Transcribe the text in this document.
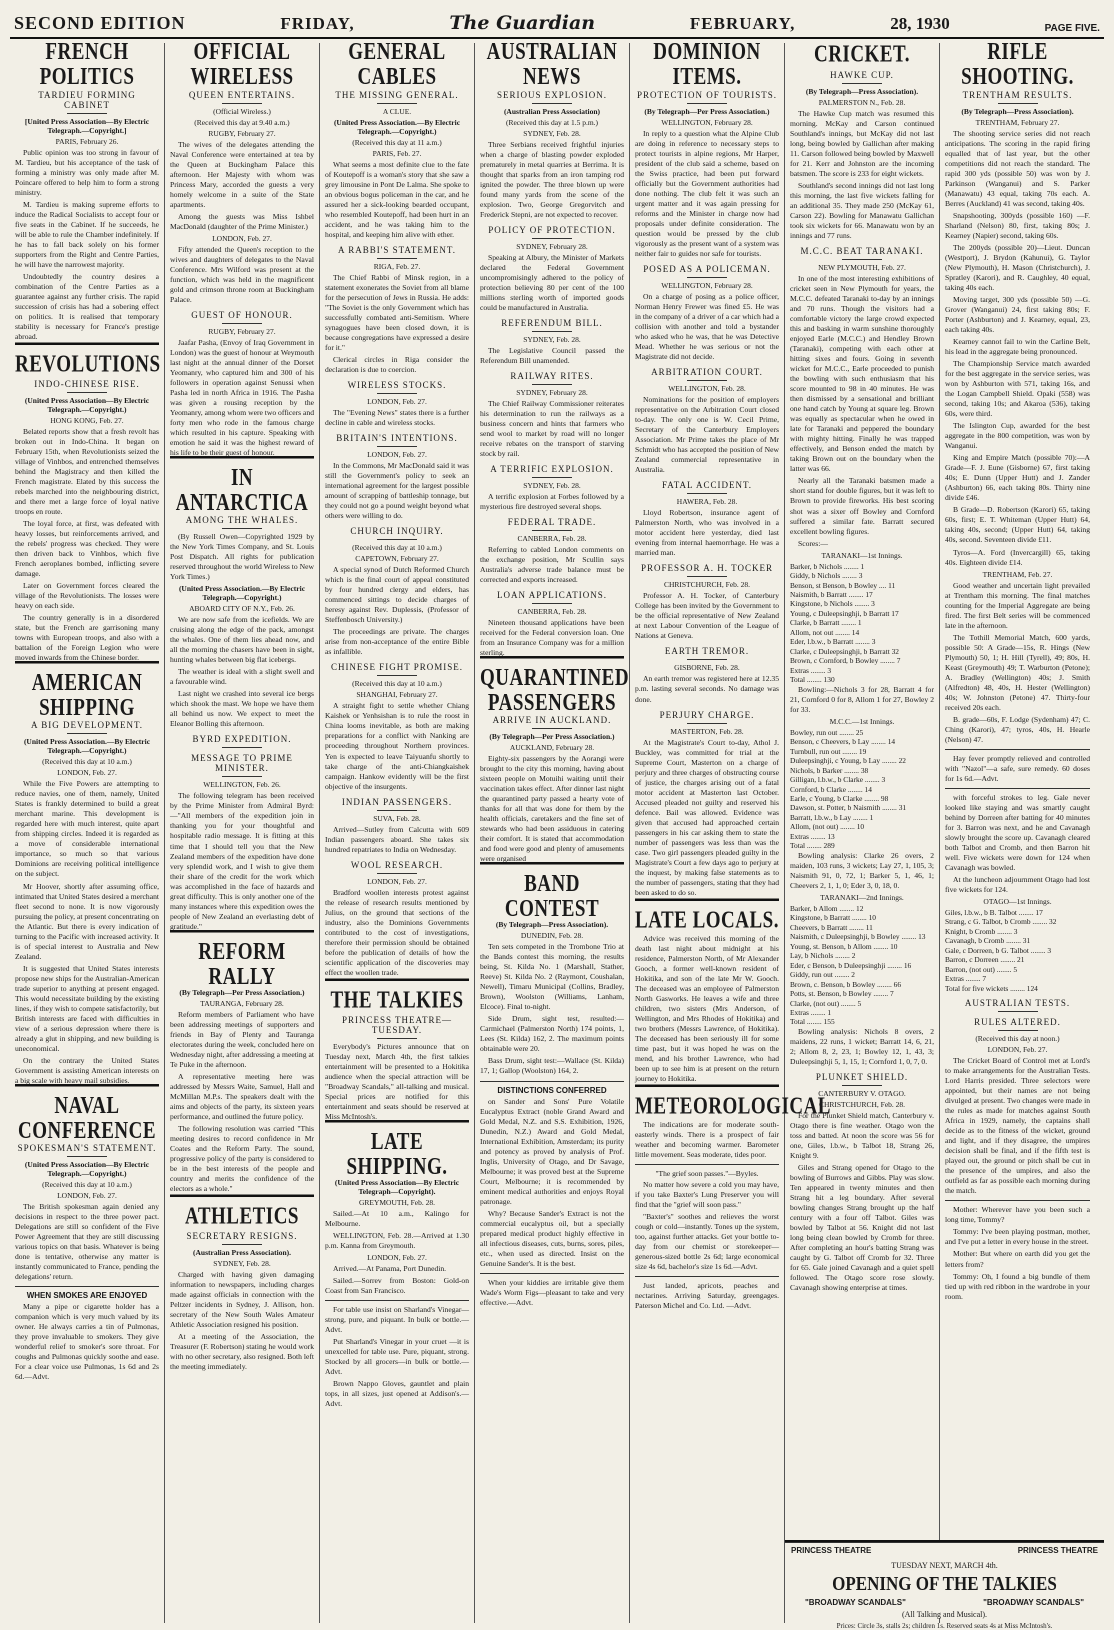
SECOND EDITION	FRIDAY,	The Guardian	FEBRUARY,	28, 1930	PAGE FIVE.
FRENCH POLITICS
TARDIEU FORMING CABINET
[United Press Association—By Electric Telegraph.—Copyright.]
PARIS, February 26.

Public opinion was too strong in favour of M. Tardieu, but his acceptance of the task of forming a ministry was only made after M. Poincare offered to help him to form a strong ministry.

M. Tardieu is making supreme efforts to induce the Radical Socialists to accept four or five seats in the Cabinet. If he succeeds, he will be able to rule the Chamber indefinitely. If he has to fall back solely on his former supporters from the Right and Centre Parties, he will have the narrowest majority.

Undoubtedly the country desires a combination of the Centre Parties as a guarantee against any further crisis. The rapid succession of crisis has had a sobering effect on politics. It is realised that temporary stability is necessary for France's prestige abroad.

REVOLUTIONS
INDO-CHINESE RISE.
(United Press Association—By Electric Telegraph.—Copyright.)
HONG KONG, Feb. 27.

Belated reports show that a fresh revolt has broken out in Indo-China. It began on February 15th, when Revolutionists seized the village of Vinhbos, and entrenched themselves behind the Magistracy and then killed the French magistrate. Elated by this success the rebels marched into the neighbouring district, and there met a large force of loyal native troops en route.

The loyal force, at first, was defeated with heavy losses, but reinforcements arrived, and the rebels' progress was checked. They were then driven back to Vinhbos, which five French aeroplanes bombed, inflicting severe damage.

Later on Government forces cleared the village of the Revolutionists. The losses were heavy on each side.

The country generally is in a disordered state, but the French are garrisoning many towns with European troops, and also with a battalion of the Foreign Legion who were moved inwards from the Chinese border.

AMERICAN SHIPPING
A BIG DEVELOPMENT.
(United Press Association.—By Electric Telegraph.—Copyright.)
(Received this day at 10 a.m.)
LONDON, Feb. 27.

While the Five Powers are attempting to reduce navies, one of them, namely, United States is frankly determined to build a great merchant marine. This development is regarded here with much interest, quite apart from shipping circles. Indeed it is regarded as a move of considerable international importance, so much so that various Dominions are receiving political intelligence on the subject.

Mr Hoover, shortly after assuming office, intimated that United States desired a merchant fleet second to none. It is now vigorously pursuing the policy, at present concentrating on the Atlantic. But there is every indication of turning to the Pacific with increased activity. It is of special interest to Australia and New Zealand.

It is suggested that United States interests propose new ships for the Australian-American trade superior to anything at present engaged. This would necessitate building by the existing lines, if they wish to compete satisfactorily, but British interests are faced with difficulties in view of a serious depression where there is already a glut in shipping, and new building is uneconomical.

On the contrary the United States Government is assisting American interests on a big scale with heavy mail subsidies.

NAVAL CONFERENCE
SPOKESMAN'S STATEMENT.
(United Press Association—By Electric Telegraph.—Copyright.)
(Received this day at 10 a.m.)
LONDON, Feb. 27.

The British spokesman again denied any decisions in respect to the three power pact. Delegations are still so confident of the Five Power Agreement that they are still discussing various topics on that basis. Whatever is being done is tentative, otherwise any matter is instantly communicated to France, pending the delegations' return.

WHEN SMOKES ARE ENJOYED

Many a pipe or cigarette holder has a companion which is very much valued by its owner. He always carries a tin of Pulmonas, they prove invaluable to smokers. They give wonderful relief to smoker's sore throat. For coughs and Pulmonas quickly soothe and ease. For a clear voice use Pulmonas, 1s 6d and 2s 6d.—Advt.

OFFICIAL WIRELESS
QUEEN ENTERTAINS.
(Official Wireless.)
(Received this day at 9.40 a.m.)
RUGBY, February 27.

The wives of the delegates attending the Naval Conference were entertained at tea by the Queen at Buckingham Palace this afternoon. Her Majesty with whom was Princess Mary, accorded the guests a very homely welcome in a suite of the State apartments.

Among the guests was Miss Ishbel MacDonald (daughter of the Prime Minister.)

LONDON, Feb. 27.

Fifty attended the Queen's reception to the wives and daughters of delegates to the Naval Conference. Mrs Wilford was present at the function, which was held in the magnificent gold and crimson throne room at Buckingham Palace.

GUEST OF HONOUR.
RUGBY, February 27.

Jaafar Pasha, (Envoy of Iraq Government in London) was the guest of honour at Weymouth last night at the annual dinner of the Dorset Yeomanry, who captured him and 300 of his followers in operation against Senussi when Pasha led in north Africa in 1916. The Pasha was given a rousing reception by the Yeomanry, among whom were two officers and forty men who rode in the famous charge which resulted in his capture. Speaking with emotion he said it was the highest reward of his life to be their guest of honour.

IN ANTARCTICA
AMONG THE WHALES.

(By Russell Owen—Copyrighted 1929 by the New York Times Company, and St. Louis Post Dispatch. All rights for publication reserved throughout the world Wireless to New York Times.)

(United Press Association.—By Electric Telegraph.—Copyright.)
ABOARD CITY OF N.Y., Feb. 26.

We are now safe from the icefields. We are cruising along the edge of the pack, amongst the whales. One of them lies ahead now, and all the morning the chasers have been in sight, hunting whales between big flat icebergs.

The weather is ideal with a slight swell and a favourable wind.

Last night we crashed into several ice bergs which shook the mast. We hope we have them all behind us now. We expect to meet the Eleanor Bolling this afternoon.

BYRD EXPEDITION.
MESSAGE TO PRIME MINISTER.
WELLINGTON, Feb. 26.

The following telegram has been received by the Prime Minister from Admiral Byrd:—"All members of the expedition join in thanking you for your thoughtful and hospitable radio message. It is fitting at this time that I should tell you that the New Zealand members of the expedition have done very splendid work, and I wish to give them their share of the credit for the work which was accomplished in the face of hazards and great difficulty. This is only another one of the many instances where this expedition owes the people of New Zealand an everlasting debt of gratitude."

REFORM RALLY
(By Telegraph—Per Press Association.)
TAURANGA, February 28.

Reform members of Parliament who have been addressing meetings of supporters and friends in Bay of Plenty and Tauranga electorates during the week, concluded here on Wednesday night, after addressing a meeting at Te Puke in the afternoon.

A representative meeting here was addressed by Messrs Waite, Samuel, Hall and McMillan M.P.s. The speakers dealt with the aims and objects of the party, its sixteen years performance, and outlined the future policy.

The following resolution was carried "This meeting desires to record confidence in Mr Coates and the Reform Party. The sound, progressive policy of the party is considered to be in the best interests of the people and country and merits the confidence of the electors as a whole."

ATHLETICS
SECRETARY RESIGNS.
(Australian Press Association).
SYDNEY, Feb. 28.

Charged with having given damaging information to newspapers, including charges made against officials in connection with the Peltzer incidents in Sydney, J. Allison, hon. secretary of the New South Wales Amateur Athletic Association resigned his position.

At a meeting of the Association, the Treasurer (F. Robertson) stating he would work with no other secretary, also resigned. Both left the meeting immediately.

GENERAL CABLES
THE MISSING GENERAL.
A CLUE.
(United Press Association.—By Electric Telegraph.—Copyright.)
(Received this day at 11 a.m.)
PARIS, Feb. 27.

What seems a most definite clue to the fate of Koutepoff is a woman's story that she saw a grey limousine in Pont De Lalma. She spoke to an obvious bogus policeman in the car, and he assured her a sick-looking bearded occupant, who resembled Koutepoff, had been hurt in an accident, and he was taking him to the hospital, and keeping him alive with ether.

A RABBI'S STATEMENT.
RIGA, Feb. 27.

The Chief Rabbi of Minsk region, in a statement exonerates the Soviet from all blame for the persecution of Jews in Russia. He adds: "The Soviet is the only Government which has successfully combated anti-Semitism. Where synagogues have been closed down, it is because congregations have expressed a desire for it."

Clerical circles in Riga consider the declaration is due to coercion.

WIRELESS STOCKS.
LONDON, Feb. 27.

The "Evening News" states there is a further decline in cable and wireless stocks.

BRITAIN'S INTENTIONS.
LONDON, Feb. 27.

In the Commons, Mr MacDonald said it was still the Government's policy to seek an international agreement for the largest possible amount of scrapping of battleship tonnage, but they could not go a pound weight beyond what others were willing to do.

CHURCH INQUIRY.
(Received this day at 10 a.m.)
CAPETOWN, February 27.

A special synod of Dutch Reformed Church which is the final court of appeal constituted by four hundred clergy and elders, has commenced sittings to decide charges of heresy against Rev. Duplessis, (Professor of Steffenbosch University.)

The proceedings are private. The charges arise from non-acceptance of the entire Bible as infallible.

CHINESE FIGHT PROMISE.
(Received this day at 10 a.m.)
SHANGHAI, February 27.

A straight fight to settle whether Chiang Kaishek or Yenhsishan is to rule the roost in China looms inevitable, as both are making preparations for a conflict with Nanking are proceeding throughout Northern provinces. Yen is expected to leave Taiyuanfu shortly to take charge of the anti-Chiangkaishek campaign. Hankow evidently will be the first objective of the insurgents.

INDIAN PASSENGERS.
SUVA, Feb. 28.

Arrived—Sutley from Calcutta with 609 Indian passengers aboard. She takes six hundred repatriates to India on Wednesday.

WOOL RESEARCH.
LONDON, Feb. 27.

Bradford woollen interests protest against the release of research results mentioned by Julius, on the ground that sections of the industry, also the Dominions Governments contributed to the cost of investigations, therefore their permission should be obtained before the publication of details of how the scientific application of the discoveries may effect the woollen trade.

THE TALKIES
PRINCESS THEATRE—TUESDAY.

Everybody's Pictures announce that on Tuesday next, March 4th, the first talkies entertainment will be presented to a Hokitika audience when the special attraction will be "Broadway Scandals," all-talking and musical. Special prices are notified for this entertainment and seats should be reserved at Miss McIntosh's.

LATE SHIPPING.
(United Press Association—By Electric Telegraph—Copyright).
GREYMOUTH, Feb. 28.

Sailed.—At 10 a.m., Kalingo for Melbourne.

WELLINGTON, Feb. 28.—Arrived at 1.30 p.m. Kanna from Greymouth.

LONDON, Feb. 27.

Arrived.—At Panama, Port Dunedin.

Sailed.—Sorrev from Boston: Gold-on Coast from San Francisco.

For table use insist on Sharland's Vinegar—strong, pure, and piquant. In bulk or bottle.—Advt.

Put Sharland's Vinegar in your cruet —it is unexcelled for table use. Pure, piquant, strong. Stocked by all grocers—in bulk or bottle.—Advt.

Brown Nappo Gloves, gauntlet and plain tops, in all sizes, just opened at Addison's.—Advt.

AUSTRALIAN NEWS
SERIOUS EXPLOSION.
(Australian Press Association)
(Received this day at 1.5 p.m.)
SYDNEY, Feb. 28.

Three Serbians received frightful injuries when a charge of blasting powder exploded prematurely in metal quarries at Berrima. It is thought that sparks from an iron tamping rod ignited the powder. The three blown up were found many yards from the scene of the explosion. Two, George Gregorvitch and Frederick Stepni, are not expected to recover.

POLICY OF PROTECTION.
SYDNEY, February 28.

Speaking at Albury, the Minister of Markets declared the Federal Government uncompromisingly adhered to the policy of protection believing 80 per cent of the 100 millions sterling worth of imported goods could be manufactured in Australia.

REFERENDUM BILL.
SYDNEY, Feb. 28.

The Legislative Council passed the Referendum Bill unamended.

RAILWAY RITES.
SYDNEY, February 28.

The Chief Railway Commissioner reiterates his determination to run the railways as a business concern and hints that farmers who send wool to market by road will no longer receive rebates on the transport of starving stock by rail.

A TERRIFIC EXPLOSION.
SYDNEY, Feb. 28.

A terrific explosion at Forbes followed by a mysterious fire destroyed several shops.

FEDERAL TRADE.
CANBERRA, Feb. 28.

Referring to cabled London comments on the exchange position, Mr Scullin says Australia's adverse trade balance must be corrected and exports increased.

LOAN APPLICATIONS.
CANBERRA, Feb. 28.

Nineteen thousand applications have been received for the Federal conversion loan. One from an Insurance Company was for a million sterling.

QUARANTINED PASSENGERS
ARRIVE IN AUCKLAND.
(By Telegraph—Per Press Association.)
AUCKLAND, February 28.

Eighty-six passengers by the Aorangi were brought to the city this morning, having about sixteen people on Motuihi waiting until their vaccination takes effect. After dinner last night the quarantined party passed a hearty vote of thanks for all that was done for them by the health officials, caretakers and the fine set of stewards who had been assiduous in catering their comfort. It is stated that accommodation and food were good and plenty of amusements were organised

BAND CONTEST
(By Telegraph—Press Association).
DUNEDIN, Feb. 28.

Ten sets competed in the Trombone Trio at the Bands contest this morning, the results being, St. Kilda No. 1 (Marshall, Stather, Reeve) St. Kilda No. 2 (Raymont, Coushalan, Newell), Timaru Municipal (Collins, Bradley, Brown), Woolston (Williams, Lanham, Elcoce). Final to-night.

Side Drum, sight test, resulted:—Carmichael (Palmerston North) 174 points, 1, Lees (St. Kilda) 162, 2. The maximum points obtainable were 20.

Bass Drum, sight test:—Wallace (St. Kilda) 17, 1; Gallop (Woolston) 164, 2.

DISTINCTIONS CONFERRED

on Sander and Sons' Pure Volatile Eucalyptus Extract (noble Grand Award and Gold Medal, N.Z. and S.S. Exhibition, 1926, Dunedin, N.Z.) Award and Gold Medal, International Exhibition, Amsterdam; its purity and potency as proved by analysis of Prof. Inglis, University of Otago, and Dr Savage, Melbourne; it was proved best at the Supreme Court, Melbourne; it is recommended by eminent medical authorities and enjoys Royal patronage.

Why? Because Sander's Extract is not the commercial eucalyptus oil, but a specially prepared medical product highly effective in all infectious diseases, cuts, burns, sores, piles, etc., when used as directed. Insist on the Genuine Sander's. It is the best.

When your kiddies are irritable give them Wade's Worm Figs—pleasant to take and very effective.—Advt.

DOMINION ITEMS.
PROTECTION OF TOURISTS.
(By Telegraph—Per Press Association.)
WELLINGTON, February 28.

In reply to a question what the Alpine Club are doing in reference to necessary steps to protect tourists in alpine regions, Mr Harper, president of the club said a scheme, based on the Swiss practice, had been put forward officially but the Government authorities had done nothing. The club felt it was such an urgent matter and it was again pressing for reforms and the Minister in charge now had proposals under definite consideration. The question would be pressed by the club vigorously as the present want of a system was neither fair to guides nor safe for tourists.

POSED AS A POLICEMAN.
WELLINGTON, February 28.

On a charge of posing as a police officer, Norman Henry Frewer was fined £5. He was in the company of a driver of a car which had a collision with another and told a bystander who asked who he was, that he was Detective Mead. Whether he was serious or not the Magistrate did not decide.

ARBITRATION COURT.
WELLINGTON, Feb. 28.

Nominations for the position of employers representative on the Arbitration Court closed to-day. The only one is W. Cecil Prime, Secretary of the Canterbury Employers Association. Mr Prime takes the place of Mr Schmidt who has accepted the position of New Zealand commercial representative in Australia.

FATAL ACCIDENT.
HAWERA, Feb. 28.

Lloyd Robertson, insurance agent of Palmerston North, who was involved in a motor accident here yesterday, died last evening from internal haemorrhage. He was a married man.

PROFESSOR A. H. TOCKER
CHRISTCHURCH, Feb. 28.

Professor A. H. Tocker, of Canterbury College has been invited by the Government to be the official representative of New Zealand at next Labour Convention of the League of Nations at Geneva.

EARTH TREMOR.
GISBORNE, Feb. 28.

An earth tremor was registered here at 12.35 p.m. lasting several seconds. No damage was done.

PERJURY CHARGE.
MASTERTON, Feb. 28.

At the Magistrate's Court to-day, Athol J. Buckley, was committed for trial at the Supreme Court, Masterton on a charge of perjury and three charges of obstructing course of justice, the charges arising out of a fatal motor accident at Masterton last October. Accused pleaded not guilty and reserved his defence. Bail was allowed. Evidence was given that accused had approached certain passengers in his car asking them to state the number of passengers was less than was the case. Two girl passengers pleaded guilty in the Magistrate's Court a few days ago to perjury at the inquest, by making false statements as to the number of passengers, stating that they had been asked to do so.

LATE LOCALS.

Advice was received this morning of the death last night about midnight at his residence, Palmerston North, of Mr Alexander Gooch, a former well-known resident of Hokitika, and son of the late Mr W. Gooch. The deceased was an employee of Palmerston North Gasworks. He leaves a wife and three children, two sisters (Mrs Anderson, of Wellington, and Mrs Rhodes of Hokitika) and two brothers (Messrs Lawrence, of Hokitika). The deceased has been seriously ill for some time past, but it was hoped he was on the mend, and his brother Lawrence, who had been up to see him is at present on the return journey to Hokitika.

METEOROLOGICAL

The indications are for moderate south-easterly winds. There is a prospect of fair weather and becoming warmer. Barometer little movement. Seas moderate, tides poor.

"The grief soon passes."—Byyles.

No matter how severe a cold you may have, if you take Baxter's Lung Preserver you will find that the "grief will soon pass."

"Baxter's" soothes and relieves the worst cough or cold—instantly. Tones up the system, too, against further attacks. Get your bottle to-day from our chemist or storekeeper—generous-sized bottle 2s 6d; large economical size 4s 6d, bachelor's size 1s 6d.—Advt.

Just landed, apricots, peaches and nectarines. Arriving Saturday, greengages. Paterson Michel and Co. Ltd. —Advt.

CRICKET.
HAWKE CUP.
(By Telegraph—Press Association).
PALMERSTON N., Feb. 28.

The Hawke Cup match was resumed this morning. McKay and Carson continued Southland's innings, but McKay did not last long, being bowled by Gallichan after making 11. Carson followed being bowled by Maxwell for 21. Kerr and Johnston are the incoming batsmen. The score is 233 for eight wickets.

Southland's second innings did not last long this morning, the last five wickets falling for an additional 35. They made 250 (McKay 61, Carson 22). Bowling for Manawatu Gallichan took six wickets for 66. Manawatu won by an innings and 77 runs.

M.C.C. BEAT TARANAKI.
NEW PLYMOUTH, Feb. 27.

In one of the most interesting exhibitions of cricket seen in New Plymouth for years, the M.C.C. defeated Taranaki to-day by an innings and 70 runs. Though the visitors had a comfortable victory the large crowd expected this and basking in warm sunshine thoroughly enjoyed Earle (M.C.C.) and Hendley Brown (Taranaki), competing with each other at hitting sixes and fours. Going in seventh wicket for M.C.C., Earle proceeded to punish the bowling with such enthusiasm that his score mounted to 98 in 40 minutes. He was then dismissed by a sensational and brilliant one hand catch by Young at square leg. Brown was equally as spectacular when he owed in late for Taranaki and peppered the boundary with mighty hitting. Finally he was trapped effectively, and Benson ended the match by taking Brown out on the boundary when the latter was 66.

Nearly all the Taranaki batsmen made a short stand for double figures, but it was left to Brown to provide fireworks. His best scoring shot was a sixer off Bowley and Cornford suffered a similar fate. Barratt secured excellent bowling figures.

Scores:—

TARANAKI—1st Innings.
Barker, b Nichols ........ 1
Giddy, b Nichols ........ 3
Benson, st Benson, b Bowley .... 11
Naismith, b Barratt ........ 17
Kingstone, b Nichols ........ 3
Young, c Duleepsinghji, b Barratt 17
Clarke, b Barratt ........ 1
Allom, not out ........ 14
Eder, l.b.w., b Barratt ........ 3
Clarke, c Duleepsinghji, b Barratt 32
Brown, c Cornford, b Bowley ........ 7
Extras ........ 3
Total ........ 130

Bowling:—Nichols 3 for 28, Barratt 4 for 21, Cornford 0 for 8, Allom 1 for 27, Bowley 2 for 33.

M.C.C.—1st Innings.
Bowley, run out ........ 25
Benson, c Cheevers, b Lay ........ 14
Turnbull, run out ........ 19
Duleepsinghji, c Young, b Lay ........ 22
Nichols, b Barker ........ 38
Gilligan, l.b.w., b Clarke ........ 3
Cornford, b Clarke ........ 14
Earle, c Young, b Clarke ........ 98
Dawson, st. Potter, b Naismith ........ 31
Barratt, l.b.w., b Lay ........ 1
Allom, (not out) ........ 10
Extras ........ 13
Total ........ 289

Bowling analysis: Clarke 26 overs, 2 maiden, 103 runs, 3 wickets; Lay 27, 1, 105, 3; Naismith 91, 0, 72, 1; Barker 5, 1, 46, 1; Cheevers 2, 1, 1, 0; Eder 3, 0, 18, 0.

TARANAKI—2nd Innings.
Barker, b Allom ........ 12
Kingstone, b Barratt ........ 10
Cheevers, b Barratt ........ 11
Naismith, c Duleepsinghji, b Bowley ........ 13
Young, st. Benson, b Allom ........ 10
Lay, b Nichols ........ 2
Eder, c Benson, b Duleepsinghji ........ 16
Giddy, run out ........ 2
Brown, c. Benson, b Bowley ........ 66
Potts, st. Benson, b Bowley ........ 7
Clarke, (not out) ........ 5
Extras ........ 1
Total ........ 155

Bowling analysis: Nichols 8 overs, 2 maidens, 22 runs, 1 wicket; Barratt 14, 6, 21, 2; Allom 8, 2, 23, 1; Bowley 12, 1, 43, 3; Duleepsinghji 5, 1, 15, 1; Cornford 1, 0, 7, 0.

PLUNKET SHIELD.
CANTERBURY V. OTAGO.
CHRISTCHURCH, Feb. 28.

For the Plunket Shield match, Canterbury v. Otago there is fine weather. Otago won the toss and batted. At noon the score was 56 for one, Giles, l.b.w., b Talbot 18, Strang 26, Knight 9.

Giles and Strang opened for Otago to the bowling of Burrows and Gibbs. Play was slow. Ten appeared in twenty minutes and then Strang hit a leg boundary. After several bowling changes Strang brought up the half century with a four off Talbot. Giles was bowled by Talbot at 56. Knight did not last long being clean bowled by Cromb for three. After completing an hour's batting Strang was caught by G. Talbot off Cromb for 32. Three for 65. Gale joined Cavanagh and a quiet spell followed. The Otago score rose slowly. Cavanagh showing enterprise at times.

RIFLE SHOOTING.
TRENTHAM RESULTS.
(By Telegraph—Press Association).
TRENTHAM, February 27.

The shooting service series did not reach anticipations. The scoring in the rapid firing equalled that of last year, but the other competitions did not reach the standard. The rapid 300 yds (possible 50) was won by J. Parkinson (Wanganui) and S. Parker (Manawatu) 43 equal, taking 70s each. A. Berres (Auckland) 41 was second, taking 40s.

Snapshooting, 300yds (possible 160) —F. Sharland (Nelson) 80, first, taking 80s; J. Kearney (Napier) second, taking 60s.

The 200yds (possible 20)—Lieut. Duncan (Westport), J. Brydon (Kahunui), G. Taylor (New Plymouth), H. Mason (Christchurch), J. Spratley (Karori), and R. Caughley, 40 equal, taking 40s each.

Moving target, 300 yds (possible 50) —G. Grover (Wanganui) 24, first taking 80s; F. Porter (Ashburton) and J. Kearney, equal, 23, each taking 40s.

Kearney cannot fail to win the Carline Belt, his lead in the aggregate being pronounced.

The Championship Service match awarded for the best aggregate in the service series, was won by Ashburton with 571, taking 16s, and the Logan Campbell Shield. Opaki (558) was second, taking 10s; and Akaroa (536), taking 60s, were third.

The Islington Cup, awarded for the best aggregate in the 800 competition, was won by Wanganui.

King and Empire Match (possible 70):—A Grade—F. J. Eune (Gisborne) 67, first taking 40s; E. Dunn (Upper Hutt) and J. Zander (Ashburton) 66, each taking 80s. Thirty nine divide £46.

B Grade—D. Robertson (Karori) 65, taking 60s, first; E. T. Whiteman (Upper Hutt) 64, taking 40s, second; (Upper Hutt) 64, taking 40s, second. Seventeen divide £11.

Tyros—A. Ford (Invercargill) 65, taking 40s. Eighteen divide £14.

TRENTHAM, Feb. 27.

Good weather and uncertain light prevailed at Trentham this morning. The final matches counting for the Imperial Aggregate are being fired. The first Belt series will be commenced late in the afternoon.

The Tothill Memorial Match, 600 yards, possible 50: A Grade—15s, R. Hings (New Plymouth) 50, 1; H. Hill (Tyrell), 49; 80s, H. Keast (Greymouth) 49; T. Warburton (Petone); A. Bradley (Wellington) 40s; J. Smith (Alfredton) 48, 40s, H. Hester (Wellington) 40s; W. Johnston (Petone) 47. Thirty-four received 20s each.

B. grade—60s, F. Lodge (Sydenham) 47; C. Ching (Karori), 47; tyros, 40s, H. Hearle (Nelson) 47.

Hay fever promptly relieved and controlled with "Nazol"—a safe, sure remedy. 60 doses for 1s 6d.—Advt.

with forceful strokes to leg. Gale never looked like staying and was smartly caught behind by Dorreen after batting for 40 minutes for 3. Barron was next, and he and Cavanagh slowly brought the score up. Cavanagh cleared both Talbot and Cromb, and then Barron hit well. Five wickets were down for 124 when Cavanagh was bowled.

At the luncheon adjournment Otago had lost five wickets for 124.

OTAGO—1st Innings.
Giles, l.b.w., b B. Talbot ........ 17
Strang, c G. Talbot, b Cromb ........ 32
Knight, b Cromb ........ 3
Cavanagh, b Cromb ........ 31
Gale, c Dorreen, b G. Talbot ........ 3
Barron, c Dorreen ........ 21
Barron, (not out) ........ 5
Extras ........ 7
Total for five wickets ........ 124
AUSTRALIAN TESTS.
RULES ALTERED.
(Received this day at noon.)
LONDON, Feb. 27.

The Cricket Board of Control met at Lord's to make arrangements for the Australian Tests. Lord Harris presided. Three selectors were appointed, but their names are not being divulged at present. Two changes were made in the rules as made for matches against South Africa in 1929, namely, the captains shall decide as to the fitness of the wicket, ground and light, and if they disagree, the umpires decision shall be final, and if the fifth test is played out, the ground or pitch shall be cut in the presence of the umpires, and also the outfield as far as possible each morning during the match.

Mother: Wherever have you been such a long time, Tommy?

Tommy: I've been playing postman, mother, and I've put a letter in every house in the street.

Mother: But where on earth did you get the letters from?

Tommy: Oh, I found a big bundle of them tied up with red ribbon in the wardrobe in your room.

PRINCESS THEATRE	PRINCESS THEATRE
TUESDAY NEXT, MARCH 4th.
OPENING OF THE TALKIES
"BROADWAY SCANDALS"	"BROADWAY SCANDALS"
(All Talking and Musical).
Prices: Circle 3s, stalls 2s; children 1s. Reserved seats 4s at Miss McIntosh's.
